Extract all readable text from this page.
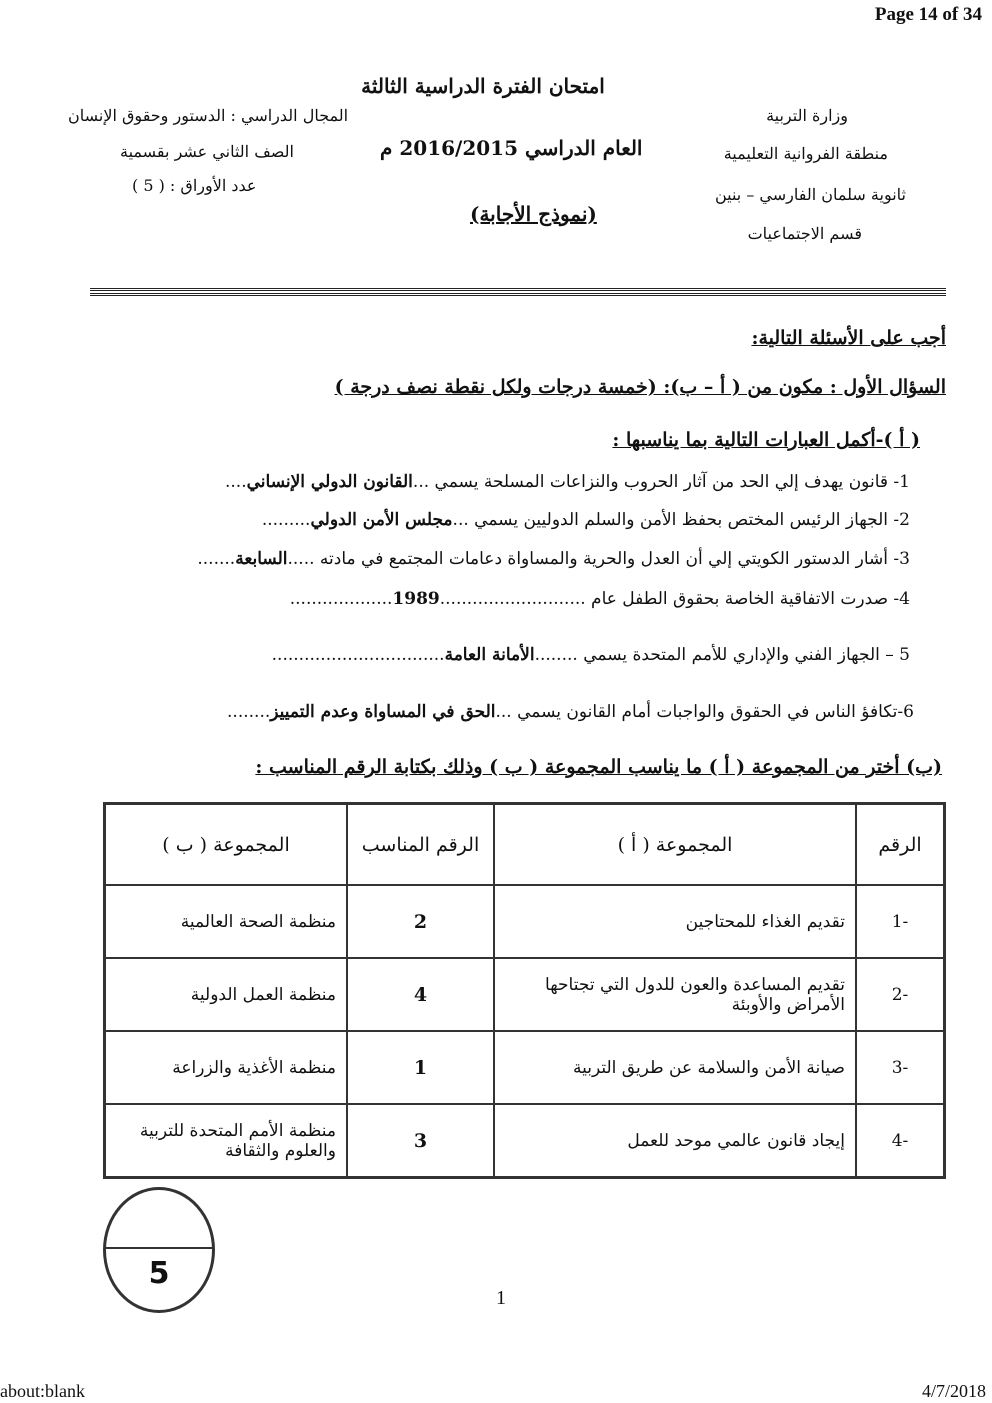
Page 14 of 34
امتحان الفترة الدراسية الثالثة
وزارة التربية
منطقة الفروانية التعليمية
ثانوية سلمان الفارسي – بنين
قسم الاجتماعيات
العام الدراسي 2016/2015 م
(نموذج الأجابة)
المجال الدراسي : الدستور وحقوق الإنسان
الصف الثاني عشر بقسمية
عدد الأوراق : ( 5 )
أجب على الأسئلة التالية:
السؤال الأول : مكون من ( أ – ب): (خمسة درجات ولكل نقطة نصف درجة )
( أ )-أكمل العبارات التالية بما يناسبها :
1- قانون يهدف إلي الحد من آثار الحروب والنزاعات المسلحة يسمي ...القانون الدولي الإنساني....
2- الجهاز الرئيس المختص بحفظ الأمن والسلم الدوليين يسمي ...مجلس الأمن الدولي.........
3- أشار الدستور الكويتي إلي أن العدل والحرية والمساواة دعامات المجتمع في مادته .....السابعة.......
4- صدرت الاتفاقية الخاصة بحقوق الطفل عام ...........................1989...................
5 – الجهاز الفني والإداري للأمم المتحدة يسمي ........الأمانة العامة................................
6-تكافؤ الناس في الحقوق والواجبات أمام القانون يسمي ...الحق في المساواة وعدم التمييز........
(ب) أختر من المجموعة ( أ ) ما يناسب المجموعة ( ب ) وذلك بكتابة الرقم المناسب :
الرقم	المجموعة ( أ )	الرقم المناسب	المجموعة ( ب )
-1	تقديم الغذاء للمحتاجين	2	منظمة الصحة العالمية
-2	تقديم المساعدة والعون للدول التي تجتاحها الأمراض والأوبئة	4	منظمة العمل الدولية
-3	صيانة الأمن والسلامة عن طريق التربية	1	منظمة الأغذية والزراعة
-4	إيجاد قانون عالمي موحد للعمل	3	منظمة الأمم المتحدة للتربية والعلوم والثقافة
5
1
about:blank	4/7/2018
